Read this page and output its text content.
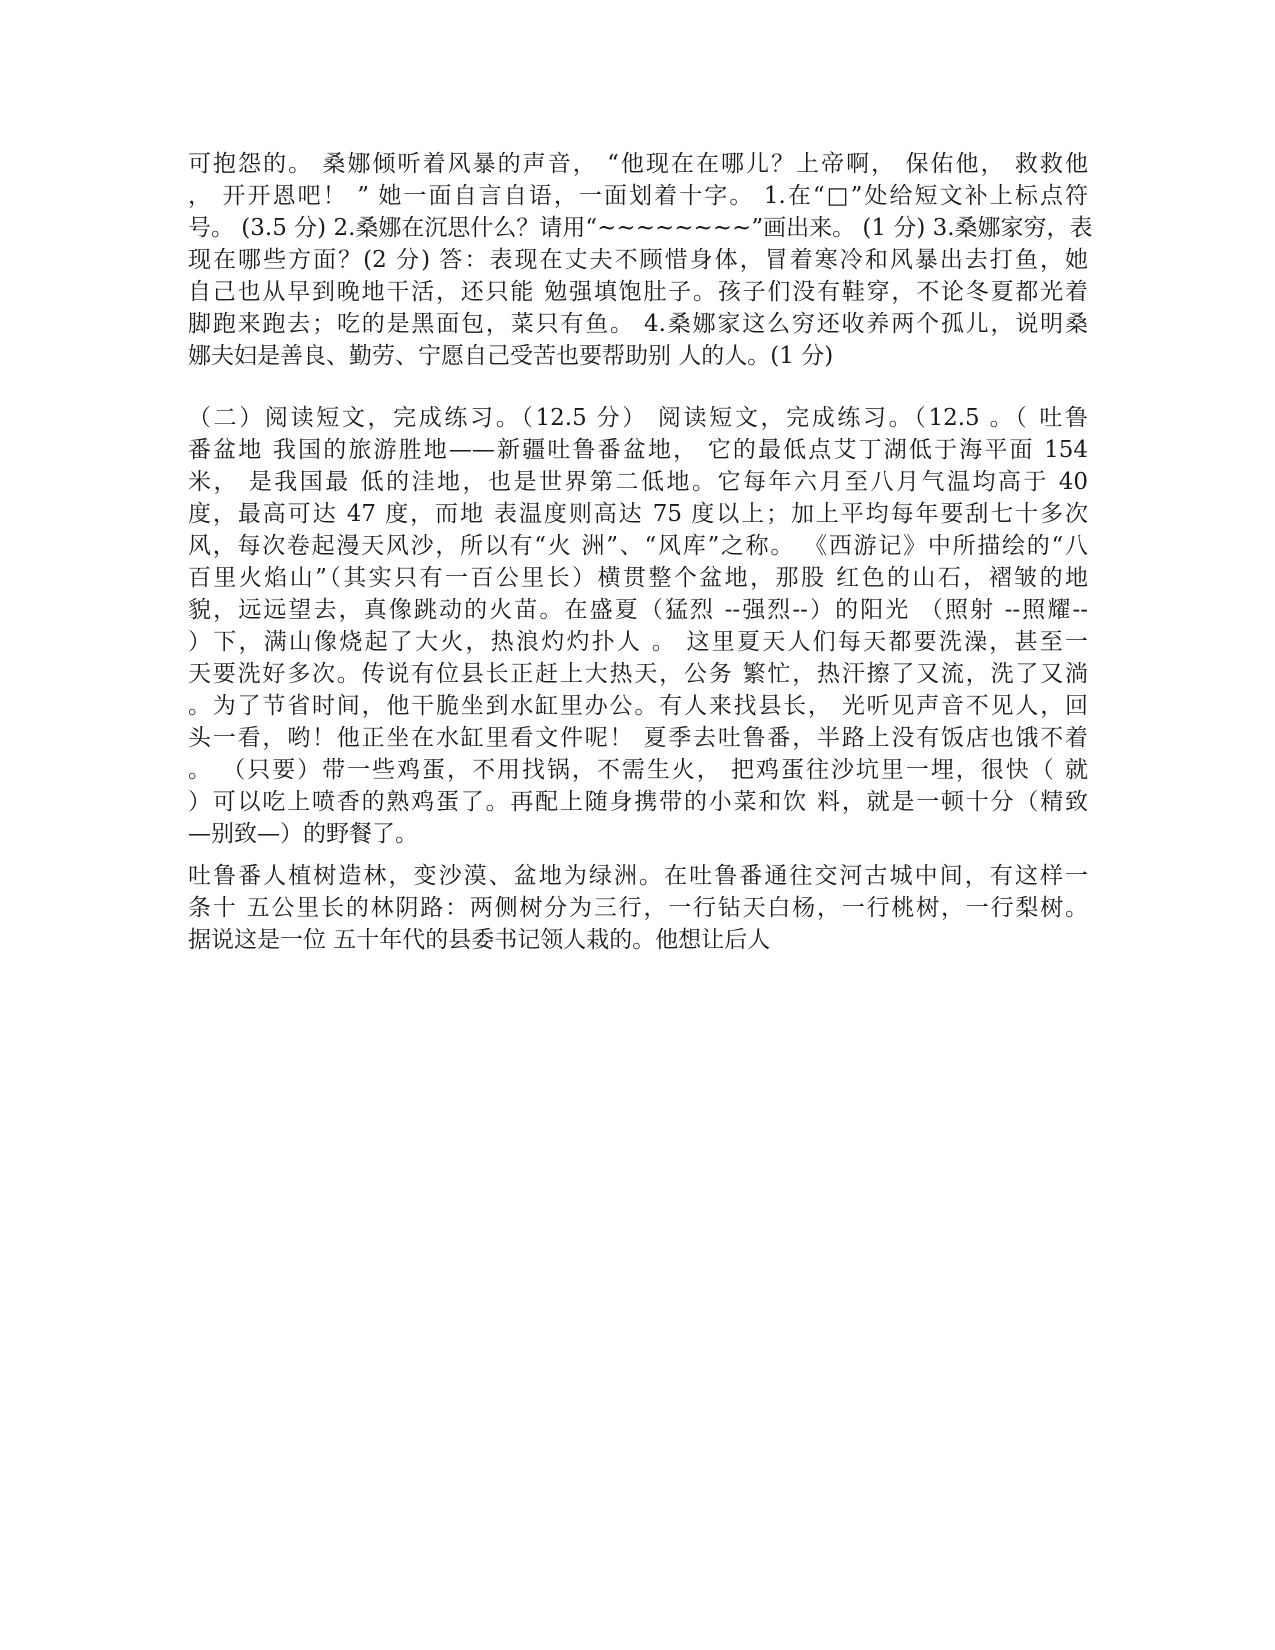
可抱怨的。 桑娜倾听着风暴的声音， “他现在在哪儿？上帝啊， 保佑他， 救救他
， 开开恩吧！ ” 她一面自言自语，一面划着十字。 1.在“□”处给短文补上标点符
号。 (3.5 分) 2.桑娜在沉思什么？请用“~~~~~~~~”画出来。 (1 分) 3.桑娜家穷，表
现在哪些方面？(2 分) 答：表现在丈夫不顾惜身体，冒着寒冷和风暴出去打鱼，她
自己也从早到晚地干活，还只能 勉强填饱肚子。孩子们没有鞋穿，不论冬夏都光着
脚跑来跑去；吃的是黑面包，菜只有鱼。 4.桑娜家这么穷还收养两个孤儿，说明桑
娜夫妇是善良、勤劳、宁愿自己受苦也要帮助别 人的人。(1 分)

（二）阅读短文，完成练习。（12.5 分） 阅读短文，完成练习。（12.5 。（ 吐鲁
番盆地 我国的旅游胜地——新疆吐鲁番盆地， 它的最低点艾丁湖低于海平面 154
米， 是我国最 低的洼地，也是世界第二低地。它每年六月至八月气温均高于 40
度，最高可达 47 度，而地 表温度则高达 75 度以上；加上平均每年要刮七十多次
风，每次卷起漫天风沙，所以有“火 洲”、“风库”之称。 《西游记》中所描绘的“八
百里火焰山”（其实只有一百公里长）横贯整个盆地，那股 红色的山石，褶皱的地
貌，远远望去，真像跳动的火苗。在盛夏（猛烈 --强烈--）的阳光 （照射 --照耀--
）下，满山像烧起了大火，热浪灼灼扑人 。 这里夏天人们每天都要洗澡，甚至一
天要洗好多次。传说有位县长正赶上大热天，公务 繁忙，热汗擦了又流，洗了又淌
。为了节省时间，他干脆坐到水缸里办公。有人来找县长， 光听见声音不见人，回
头一看，哟！他正坐在水缸里看文件呢！ 夏季去吐鲁番，半路上没有饭店也饿不着
。 （只要）带一些鸡蛋，不用找锅，不需生火， 把鸡蛋往沙坑里一埋，很快（ 就
）可以吃上喷香的熟鸡蛋了。再配上随身携带的小菜和饮 料，就是一顿十分（精致
—别致—）的野餐了。

吐鲁番人植树造林，变沙漠、盆地为绿洲。在吐鲁番通往交河古城中间，有这样一
条十 五公里长的林阴路：两侧树分为三行，一行钻天白杨，一行桃树，一行梨树。
据说这是一位 五十年代的县委书记领人栽的。他想让后人
